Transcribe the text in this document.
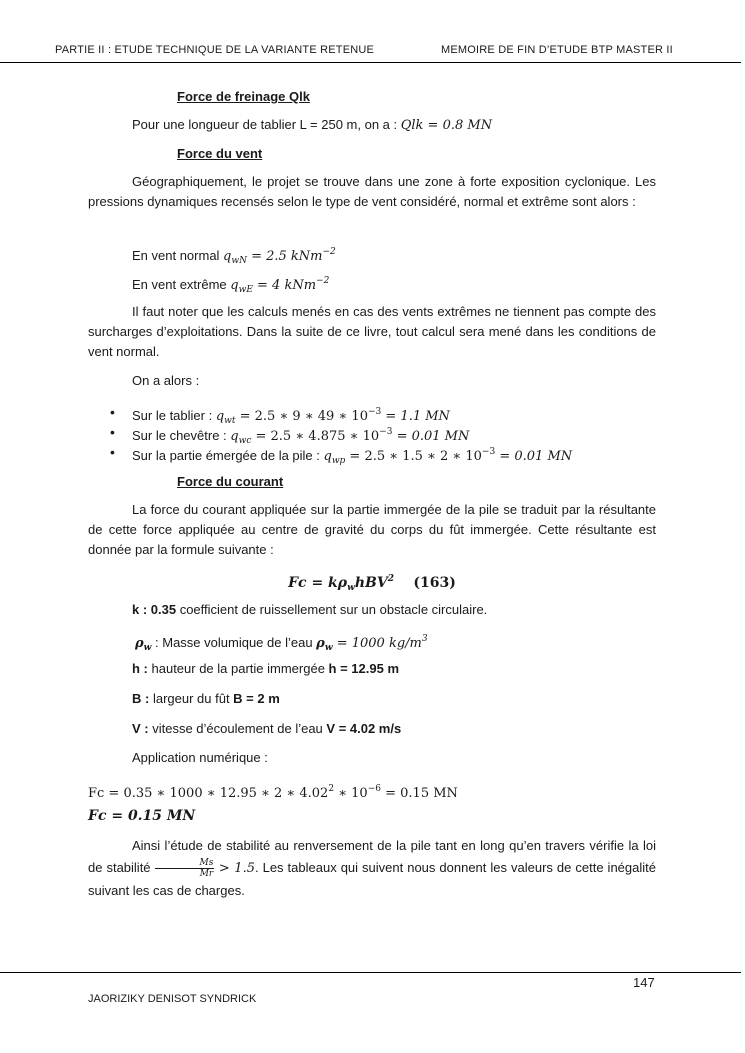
PARTIE II : ETUDE TECHNIQUE DE LA VARIANTE RETENUE	MEMOIRE DE FIN D’ETUDE BTP MASTER II
Force de freinage Qlk
Pour une longueur de tablier L = 250 m, on a : Qlk = 0.8 MN
Force du vent
Géographiquement, le projet se trouve dans une zone à forte exposition cyclonique. Les pressions dynamiques recensés selon le type de vent considéré, normal et extrême sont alors :
En vent normal $q_{wN} = 2.5$ kNm$^{-2}$
En vent extrême $q_{wE} = 4$ kNm$^{-2}$
Il faut noter que les calculs menés en cas des vents extrêmes ne tiennent pas compte des surcharges d’exploitations. Dans la suite de ce livre, tout calcul sera mené dans les conditions de vent normal.
On a alors :
• Sur le tablier : $q_{wt} = 2.5$ ∗ 9 ∗ 49 ∗ $10^{-3} = 1.1$ MN
• Sur le chevêtre : $q_{wc} = 2.5$ ∗ 4.875 ∗ $10^{-3} = 0.01$ MN
• Sur la partie émergée de la pile : $q_{wp} = 2.5$ ∗ 1.5 ∗ 2 ∗ $10^{-3} = 0.01$ MN
Force du courant
La force du courant appliquée sur la partie immergée de la pile se traduit par la résultante de cette force appliquée au centre de gravité du corps du fût immergée. Cette résultante est donnée par la formule suivante :
$Fc = k\rho_whBV^2$ (163)
k : 0.35 coefficient de ruissellement sur un obstacle circulaire.
$\rho_w$ : Masse volumique de l’eau $\rho_w = 1000$ $kg/m^3$
h : hauteur de la partie immergée h = 12.95 m
B : largeur du fût B = 2 m
V : vitesse d’écoulement de l’eau V = 4.02 m/s
Application numérique :
Fc = 0.35 ∗ 1000 ∗ 12.95 ∗ 2 ∗ 4.02$^2$ ∗ $10^{-6} = 0.15$ MN
Fc = 0.15 MN
Ainsi l’étude de stabilité au renversement de la pile tant en long qu’en travers vérifie la loi de stabilité $\frac{Ms}{Mr} > 1.5$. Les tableaux qui suivent nous donnent les valeurs de cette inégalité suivant les cas de charges.
147
JAORIZIKY DENISOT SYNDRICK
